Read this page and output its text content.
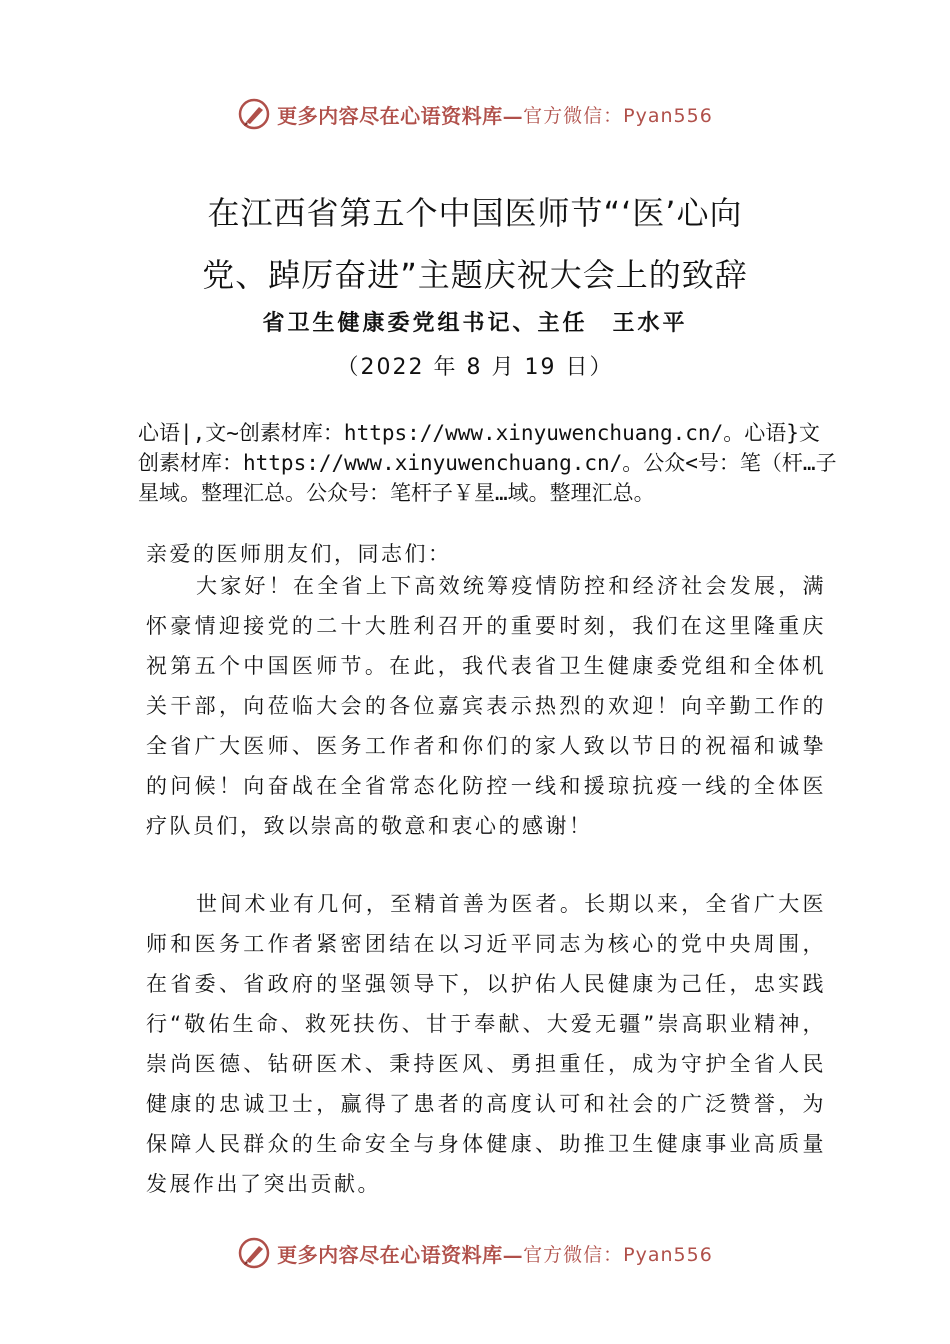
更多内容尽在心语资料库— 官方微信：Pyan556
在江西省第五个中国医师节“‘医’心向
党、踔厉奋进”主题庆祝大会上的致辞
省卫生健康委党组书记、主任　王水平
（2022 年 8 月 19 日）
心语|,文~创素材库：https://www.xinyuwenchuang.cn/。心语}文创素材库：https://www.xinyuwenchuang.cn/。公众<号：笔（杆…子星域。整理汇总。公众号：笔杆子￥星…域。整理汇总。
亲爱的医师朋友们，同志们：
大家好！在全省上下高效统筹疫情防控和经济社会发展，满怀豪情迎接党的二十大胜利召开的重要时刻，我们在这里隆重庆祝第五个中国医师节。在此，我代表省卫生健康委党组和全体机关干部，向莅临大会的各位嘉宾表示热烈的欢迎！向辛勤工作的全省广大医师、医务工作者和你们的家人致以节日的祝福和诚挚的问候！向奋战在全省常态化防控一线和援琼抗疫一线的全体医疗队员们，致以崇高的敬意和衷心的感谢！
世间术业有几何，至精首善为医者。长期以来，全省广大医师和医务工作者紧密团结在以习近平同志为核心的党中央周围，在省委、省政府的坚强领导下，以护佑人民健康为己任，忠实践行“敬佑生命、救死扶伤、甘于奉献、大爱无疆”崇高职业精神，崇尚医德、钻研医术、秉持医风、勇担重任，成为守护全省人民健康的忠诚卫士，赢得了患者的高度认可和社会的广泛赞誉，为保障人民群众的生命安全与身体健康、助推卫生健康事业高质量发展作出了突出贡献。
更多内容尽在心语资料库— 官方微信：Pyan556
